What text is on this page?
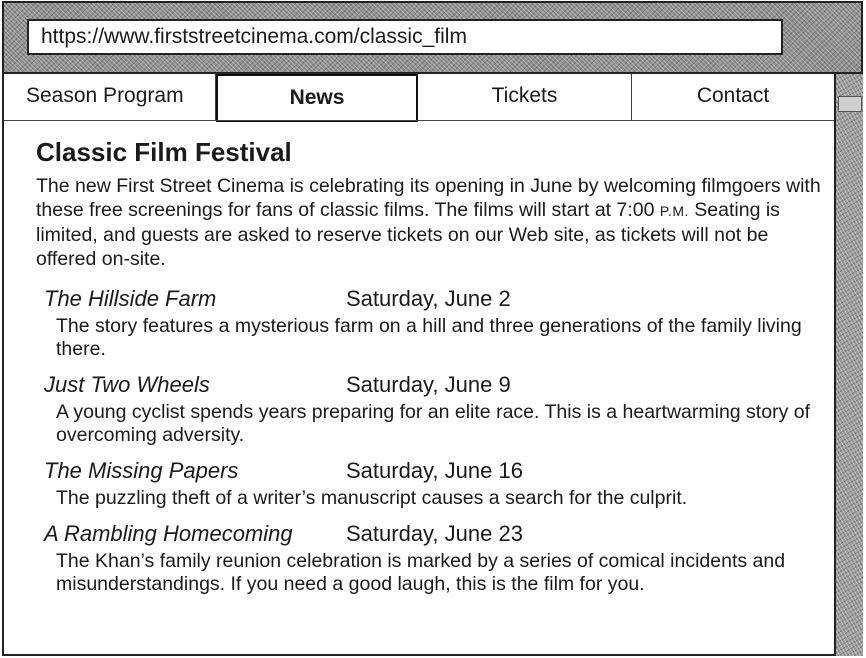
https://www.firststreetcinema.com/classic_film
Season Program	News	Tickets	Contact
Classic Film Festival

The new First Street Cinema is celebrating its opening in June by welcoming filmgoers with these free screenings for fans of classic films. The films will start at 7:00 P.M. Seating is limited, and guests are asked to reserve tickets on our Web site, as tickets will not be offered on-site.

The Hillside Farm	Saturday, June 2
The story features a mysterious farm on a hill and three generations of the family living there.
Just Two Wheels	Saturday, June 9
A young cyclist spends years preparing for an elite race. This is a heartwarming story of overcoming adversity.
The Missing Papers	Saturday, June 16
The puzzling theft of a writer’s manuscript causes a search for the culprit.
A Rambling Homecoming	Saturday, June 23
The Khan’s family reunion celebration is marked by a series of comical incidents and misunderstandings. If you need a good laugh, this is the film for you.
